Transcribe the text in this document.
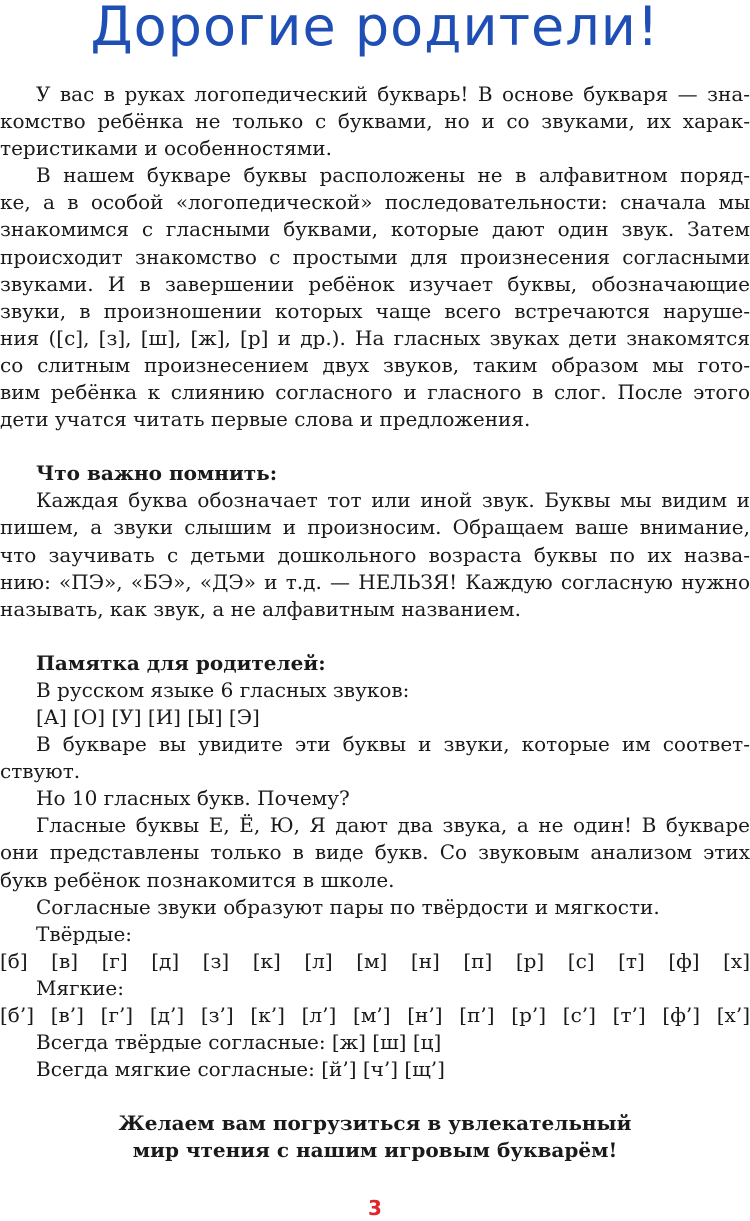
Дорогие родители!

У вас в руках логопедический букварь! В основе букваря — зна-

комство ребёнка не только с буквами, но и со звуками, их харак-

теристиками и особенностями.

В нашем букваре буквы расположены не в алфавитном поряд-

ке, а в особой «логопедической» последовательности: сначала мы

знакомимся с гласными буквами, которые дают один звук. Затем

происходит знакомство с простыми для произнесения согласными

звуками. И в завершении ребёнок изучает буквы, обозначающие

звуки, в произношении которых чаще всего встречаются наруше-

ния ([с], [з], [ш], [ж], [р] и др.). На гласных звуках дети знакомятся

со слитным произнесением двух звуков, таким образом мы гото-

вим ребёнка к слиянию согласного и гласного в слог. После этого

дети учатся читать первые слова и предложения.

Что важно помнить:

Каждая буква обозначает тот или иной звук. Буквы мы видим и

пишем, а звуки слышим и произносим. Обращаем ваше внимание,

что заучивать с детьми дошкольного возраста буквы по их назва-

нию: «ПЭ», «БЭ», «ДЭ» и т.д. — НЕЛЬЗЯ! Каждую согласную нужно

называть, как звук, а не алфавитным названием.

Памятка для родителей:

В русском языке 6 гласных звуков:

[А] [О] [У] [И] [Ы] [Э]

В букваре вы увидите эти буквы и звуки, которые им соответ-

ствуют.

Но 10 гласных букв. Почему?

Гласные буквы Е, Ё, Ю, Я дают два звука, а не один! В букваре

они представлены только в виде букв. Со звуковым анализом этих

букв ребёнок познакомится в школе.

Согласные звуки образуют пары по твёрдости и мягкости.

Твёрдые:

[б] [в] [г] [д] [з] [к] [л] [м] [н] [п] [р] [с] [т] [ф] [х]

Мягкие:

[б’] [в’] [г’] [д’] [з’] [к’] [л’] [м’] [н’] [п’] [р’] [с’] [т’] [ф’] [х’]

Всегда твёрдые согласные: [ж] [ш] [ц]

Всегда мягкие согласные: [й’] [ч’] [щ’]

Желаем вам погрузиться в увлекательный

мир чтения с нашим игровым букварём!

3
